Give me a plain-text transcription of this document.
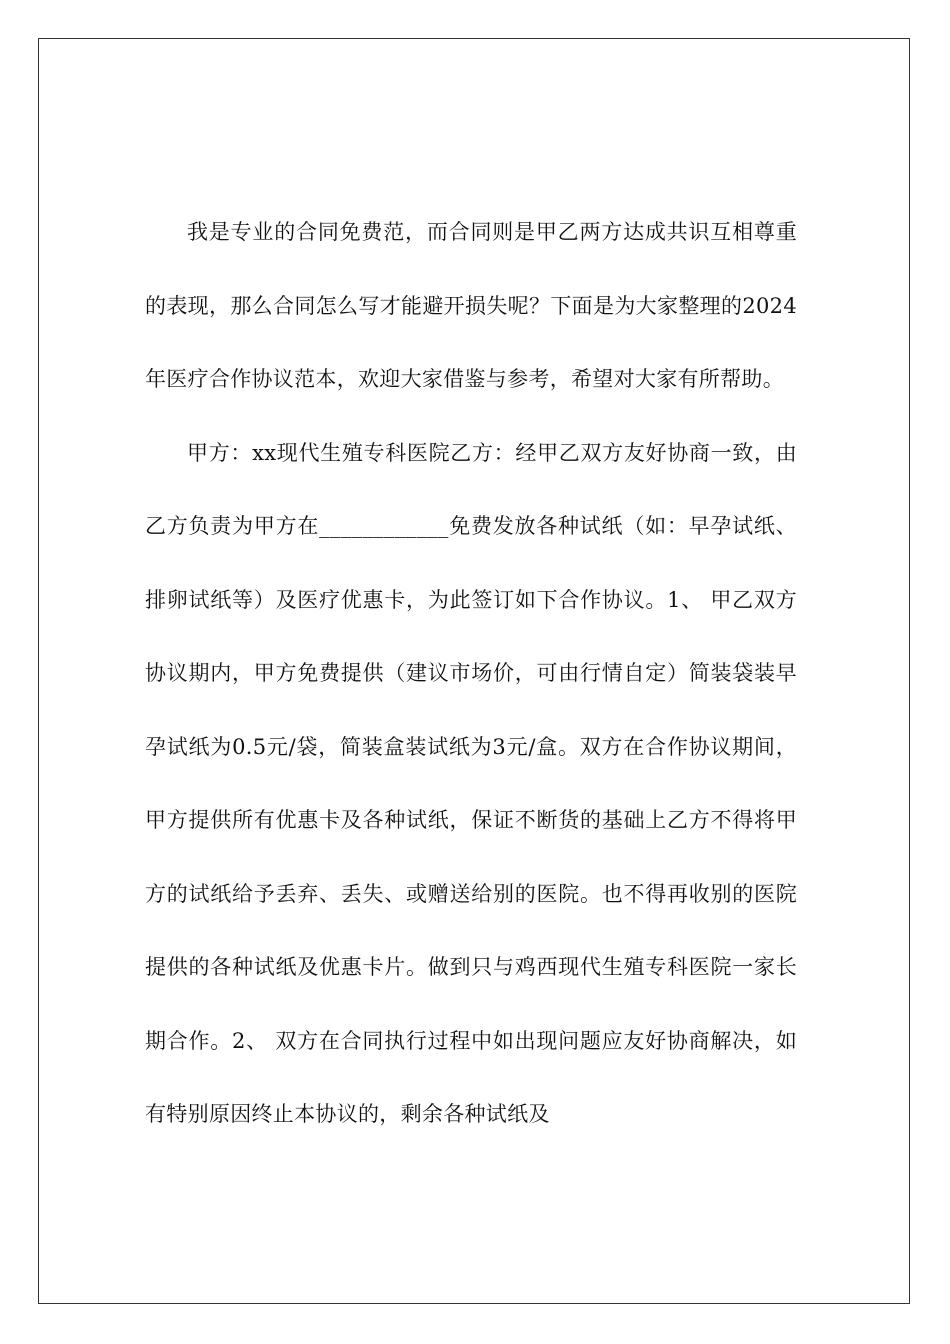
我是专业的合同免费范，而合同则是甲乙两方达成共识互相尊重的表现，那么合同怎么写才能避开损失呢？下面是为大家整理的2024年医疗合作协议范本，欢迎大家借鉴与参考，希望对大家有所帮助。

甲方：xx现代生殖专科医院乙方：经甲乙双方友好协商一致，由乙方负责为甲方在____________免费发放各种试纸（如：早孕试纸、排卵试纸等）及医疗优惠卡，为此签订如下合作协议。1、 甲乙双方协议期内，甲方免费提供（建议市场价，可由行情自定）简装袋装早孕试纸为0.5元/袋，简装盒装试纸为3元/盒。双方在合作协议期间，甲方提供所有优惠卡及各种试纸，保证不断货的基础上乙方不得将甲方的试纸给予丢弃、丢失、或赠送给别的医院。也不得再收别的医院提供的各种试纸及优惠卡片。做到只与鸡西现代生殖专科医院一家长期合作。2、 双方在合同执行过程中如出现问题应友好协商解决，如有特别原因终止本协议的，剩余各种试纸及
